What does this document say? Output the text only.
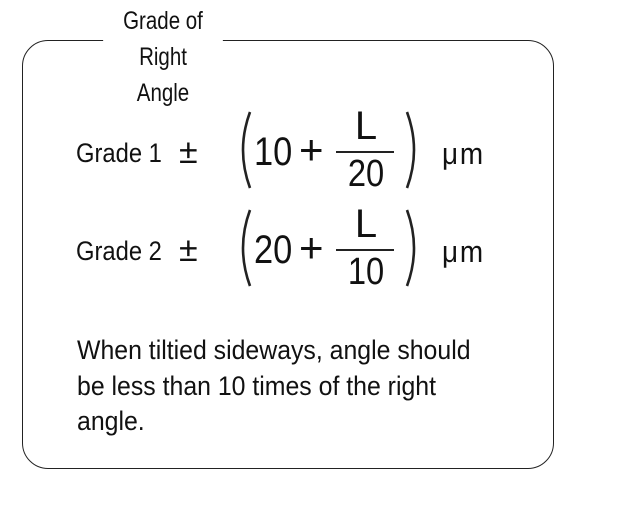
Grade of Right
Angle
Grade 1 ± 10 + L
20 μm
Grade 2 ± 20 + L
10 μm
When tiltied sideways, angle should
be less than 10 times of the right
angle.
